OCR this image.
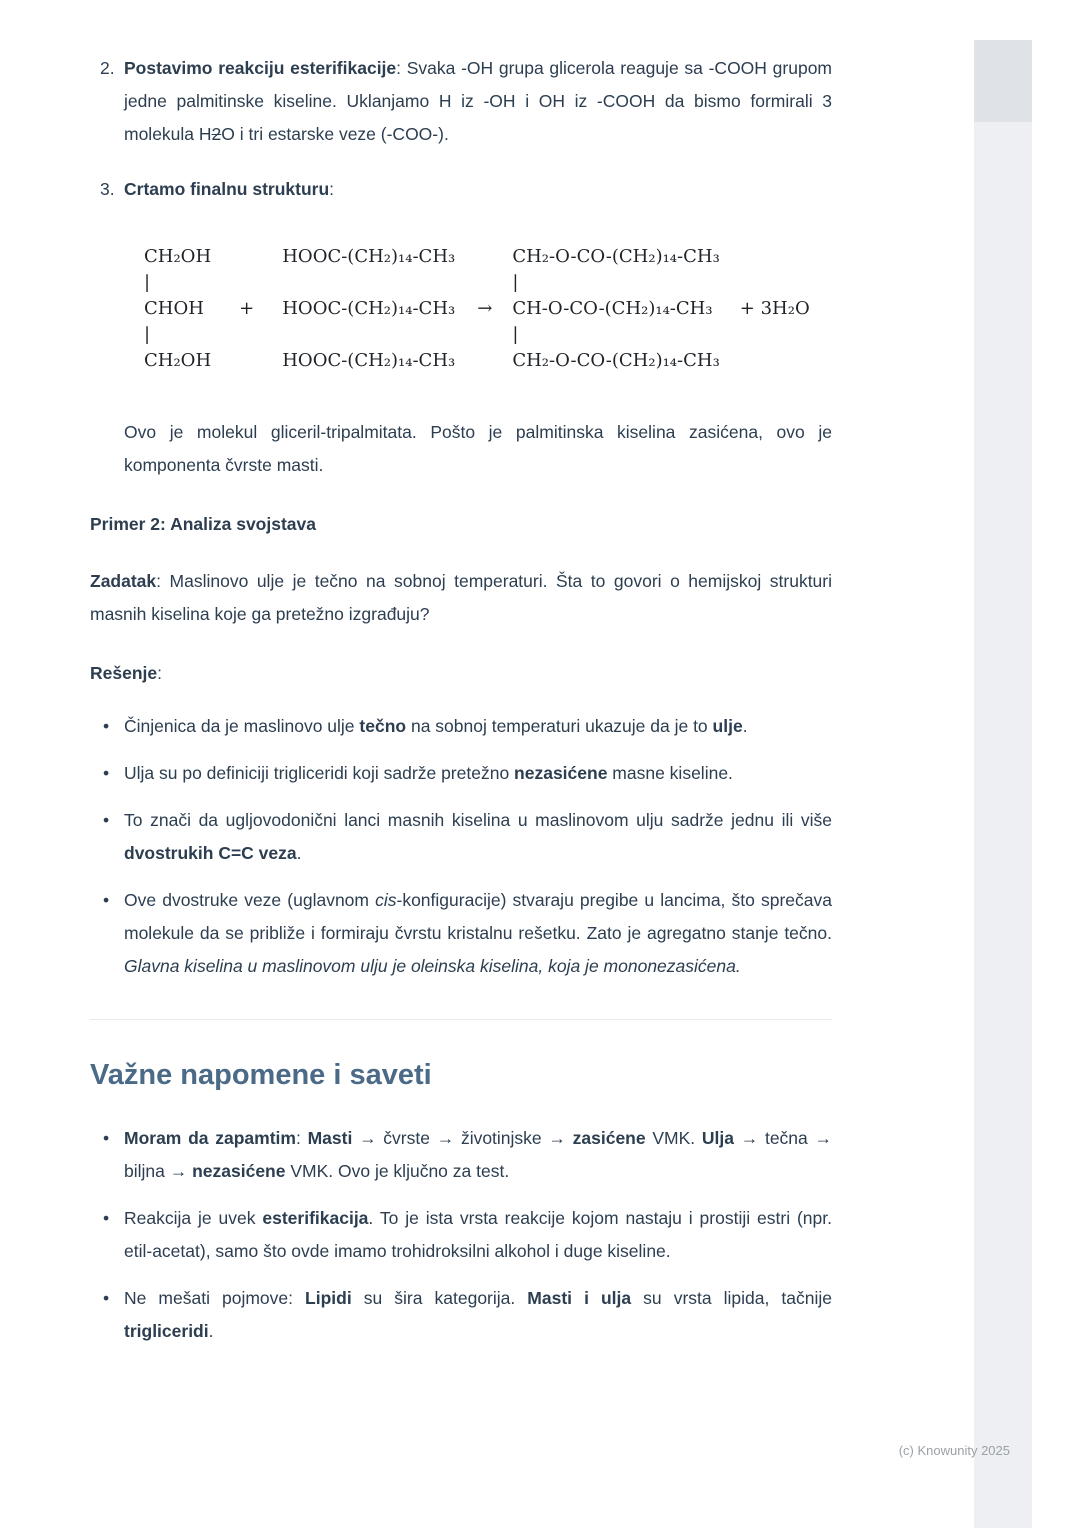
2. Postavimo reakciju esterifikacije: Svaka -OH grupa glicerola reaguje sa -COOH grupom jedne palmitinske kiseline. Uklanjamo H iz -OH i OH iz -COOH da bismo formirali 3 molekula H2O i tri estarske veze (-COO-).
3. Crtamo finalnu strukturu:
CH₂OH
|
CHOH
|
CH₂OH
+
HOOC-(CH₂)₁₄-CH₃
HOOC-(CH₂)₁₄-CH₃
HOOC-(CH₂)₁₄-CH₃
→
CH₂-O-CO-(CH₂)₁₄-CH₃
|
CH-O-CO-(CH₂)₁₄-CH₃
|
CH₂-O-CO-(CH₂)₁₄-CH₃
+ 3H₂O

Ovo je molekul gliceril-tripalmitata. Pošto je palmitinska kiselina zasićena, ovo je komponenta čvrste masti.

Primer 2: Analiza svojstava

Zadatak: Maslinovo ulje je tečno na sobnoj temperaturi. Šta to govori o hemijskoj strukturi masnih kiselina koje ga pretežno izgrađuju?

Rešenje:

• Činjenica da je maslinovo ulje tečno na sobnoj temperaturi ukazuje da je to ulje.
• Ulja su po definiciji trigliceridi koji sadrže pretežno nezasićene masne kiseline.
• To znači da ugljovodonični lanci masnih kiselina u maslinovom ulju sadrže jednu ili više dvostrukih C=C veza.
• Ove dvostruke veze (uglavnom cis-konfiguracije) stvaraju pregibe u lancima, što sprečava molekule da se približe i formiraju čvrstu kristalnu rešetku. Zato je agregatno stanje tečno. Glavna kiselina u maslinovom ulju je oleinska kiselina, koja je mononezasićena.
Važne napomene i saveti
• Moram da zapamtim: Masti → čvrste → životinjske → zasićene VMK. Ulja → tečna → biljna → nezasićene VMK. Ovo je ključno za test.
• Reakcija je uvek esterifikacija. To je ista vrsta reakcije kojom nastaju i prostiji estri (npr. etil-acetat), samo što ovde imamo trohidroksilni alkohol i duge kiseline.
• Ne mešati pojmove: Lipidi su šira kategorija. Masti i ulja su vrsta lipida, tačnije trigliceridi.
(c) Knowunity 2025
